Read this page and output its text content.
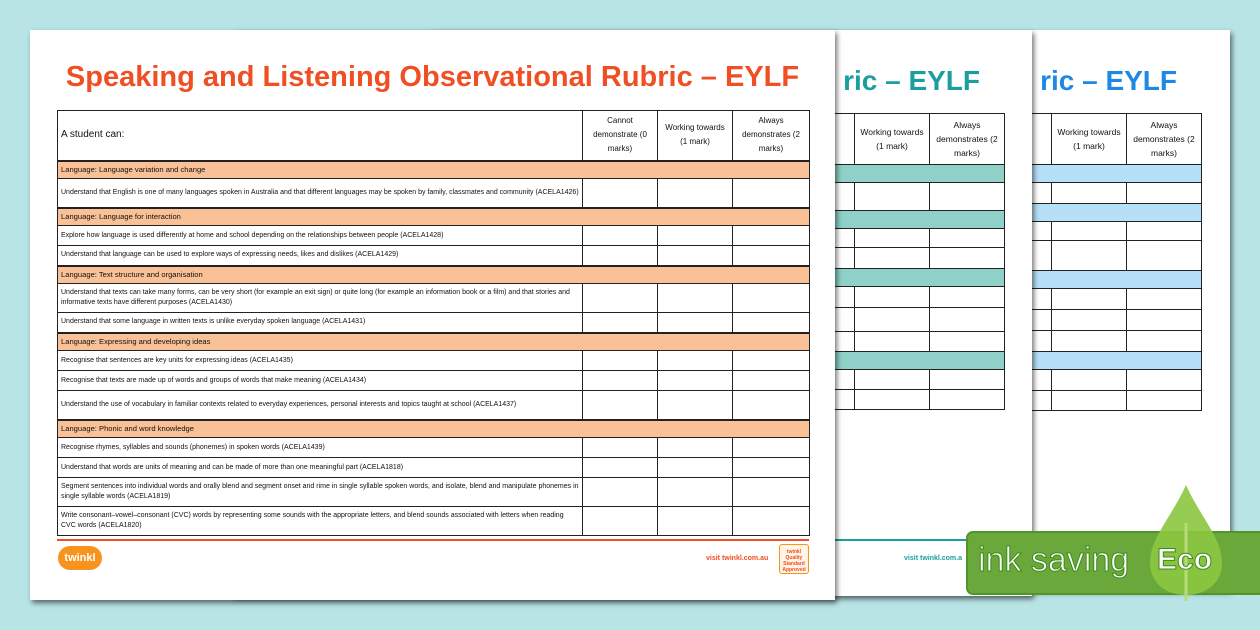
ric – EYLF
	Working towards (1 mark)	Always demonstrates (2 marks)

ric – EYLF
	Working towards (1 mark)	Always demonstrates (2 marks)

visit twinkl.com.a
Speaking and Listening Observational Rubric – EYLF
A student can:	Cannot demonstrate (0 marks)	Working towards (1 mark)	Always demonstrates (2 marks)
Language: Language variation and change			
Understand that English is one of many languages spoken in Australia and that different languages may be spoken by family, classmates and community (ACELA1426)			
Language: Language for interaction			
Explore how language is used differently at home and school depending on the relationships between people (ACELA1428)			
Understand that language can be used to explore ways of expressing needs, likes and dislikes (ACELA1429)			
Language: Text structure and organisation			
Understand that texts can take many forms, can be very short (for example an exit sign) or quite long (for example an information book or a film) and that stories and informative texts have different purposes (ACELA1430)			
Understand that some language in written texts is unlike everyday spoken language (ACELA1431)			
Language: Expressing and developing ideas			
Recognise that sentences are key units for expressing ideas (ACELA1435)			
Recognise that texts are made up of words and groups of words that make meaning (ACELA1434)			
Understand the use of vocabulary in familiar contexts related to everyday experiences, personal interests and topics taught at school (ACELA1437)			
Language: Phonic and word knowledge			
Recognise rhymes, syllables and sounds (phonemes) in spoken words (ACELA1439)			
Understand that words are units of meaning and can be made of more than one meaningful part (ACELA1818)			
Segment sentences into individual words and orally blend and segment onset and rime in single syllable spoken words, and isolate, blend and manipulate phonemes in single syllable words (ACELA1819)			
Write consonant–vowel–consonant (CVC) words by representing some sounds with the appropriate letters, and blend sounds associated with letters when reading CVC words (ACELA1820)			
twinkl	visit twinkl.com.au
twinkl Quality Standard Approved	ink saving Eco
